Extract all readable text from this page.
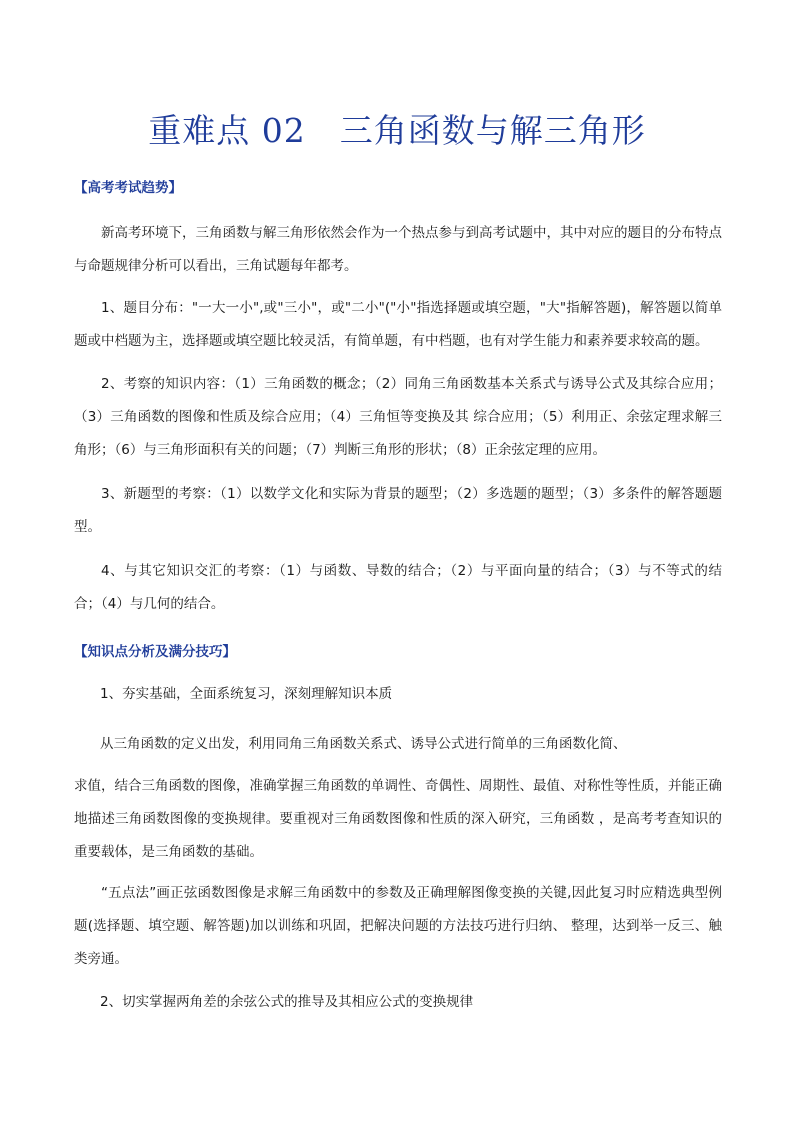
重难点 02　三角函数与解三角形
【高考考试趋势】
新高考环境下，三角函数与解三角形依然会作为一个热点参与到高考试题中，其中对应的题目的分布特点与命题规律分析可以看出，三角试题每年都考。
1、题目分布："一大一小",或"三小"，或"二小"("小"指选择题或填空题，"大"指解答题)，解答题以简单题或中档题为主，选择题或填空题比较灵活，有简单题，有中档题，也有对学生能力和素养要求较高的题。
2、考察的知识内容：（1）三角函数的概念；（2）同角三角函数基本关系式与诱导公式及其综合应用；（3）三角函数的图像和性质及综合应用；（4）三角恒等变换及其 综合应用；（5）利用正、余弦定理求解三角形；（6）与三角形面积有关的问题；（7）判断三角形的形状；（8）正余弦定理的应用。
3、新题型的考察：（1）以数学文化和实际为背景的题型；（2）多选题的题型；（3）多条件的解答题题型。
4、与其它知识交汇的考察：（1）与函数、导数的结合；（2）与平面向量的结合；（3）与不等式的结合；（4）与几何的结合。
【知识点分析及满分技巧】
1、夯实基础，全面系统复习，深刻理解知识本质
从三角函数的定义出发，利用同角三角函数关系式、诱导公式进行简单的三角函数化简、
求值，结合三角函数的图像，准确掌握三角函数的单调性、奇偶性、周期性、最值、对称性等性质，并能正确地描述三角函数图像的变换规律。要重视对三角函数图像和性质的深入研究，三角函数 ，是高考考查知识的重要载体，是三角函数的基础。
“五点法”画正弦函数图像是求解三角函数中的参数及正确理解图像变换的关键,因此复习时应精选典型例题(选择题、填空题、解答题)加以训练和巩固，把解决问题的方法技巧进行归纳、 整理，达到举一反三、触类旁通。
2、切实掌握两角差的余弦公式的推导及其相应公式的变换规律
